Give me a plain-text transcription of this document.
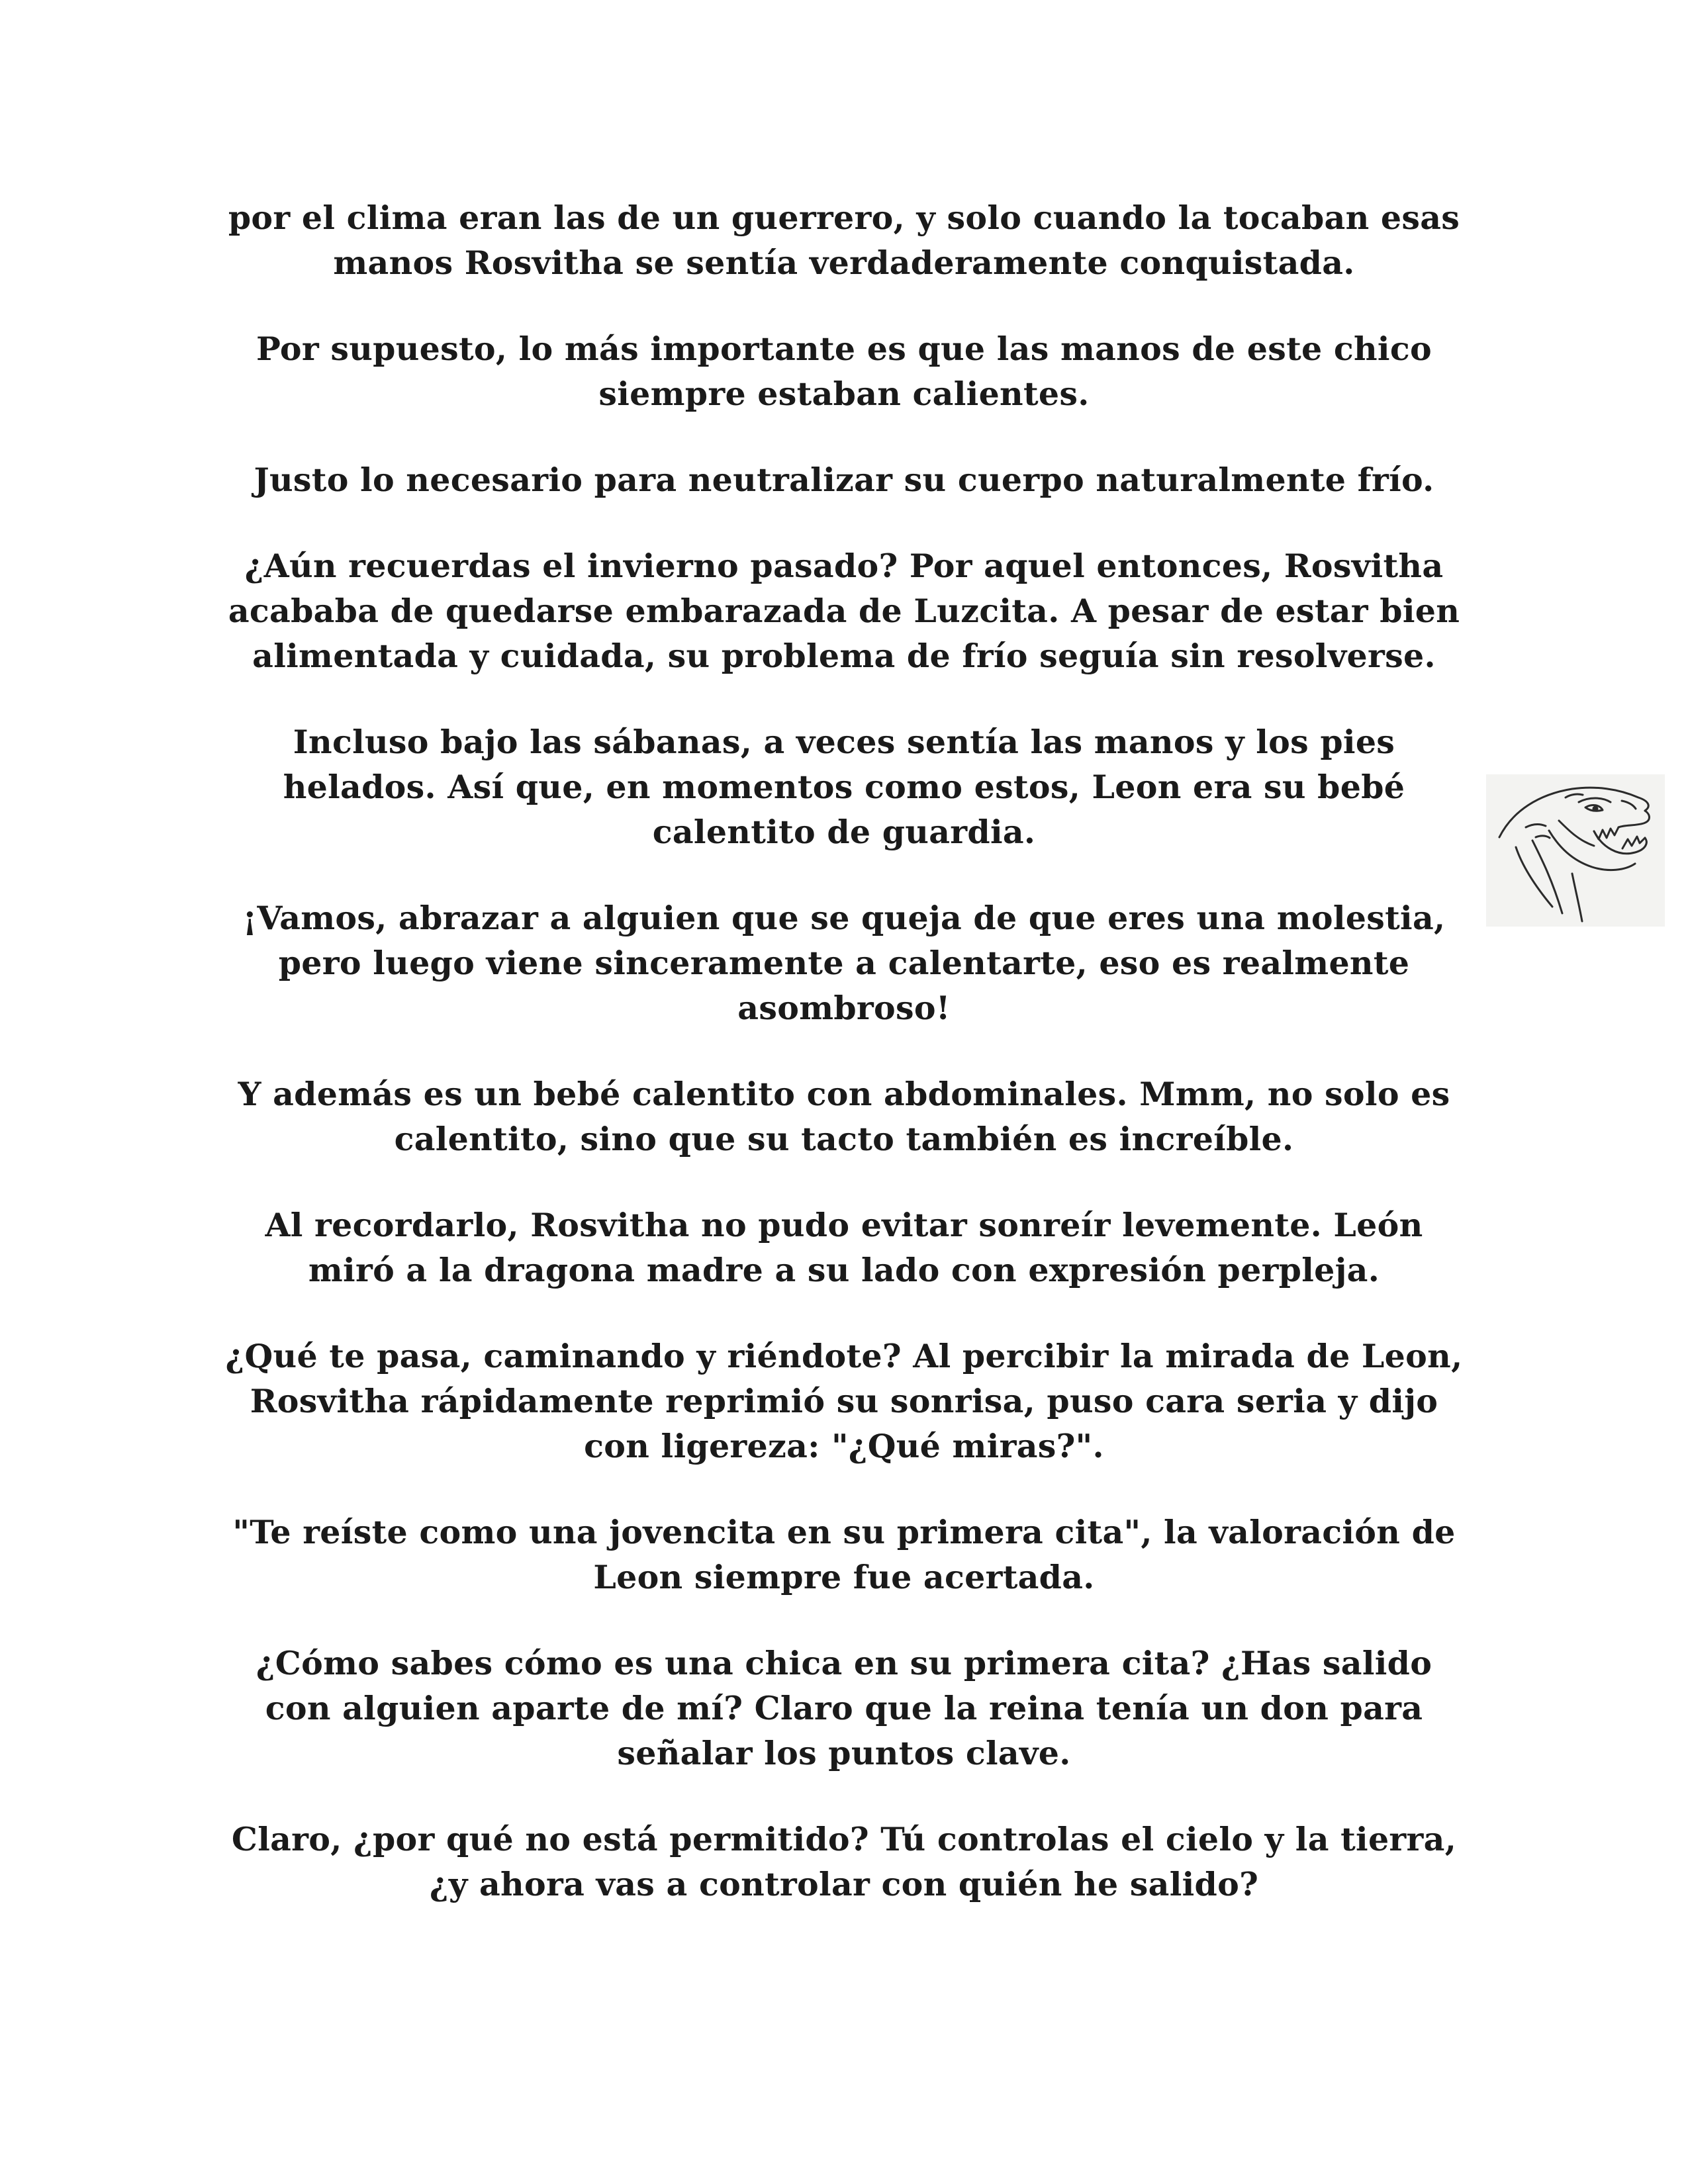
por el clima eran las de un guerrero, y solo cuando la tocaban esas manos Rosvitha se sentía verdaderamente conquistada.

Por supuesto, lo más importante es que las manos de este chico siempre estaban calientes.

Justo lo necesario para neutralizar su cuerpo naturalmente frío.

¿Aún recuerdas el invierno pasado? Por aquel entonces, Rosvitha acababa de quedarse embarazada de Luzcita. A pesar de estar bien alimentada y cuidada, su problema de frío seguía sin resolverse.

Incluso bajo las sábanas, a veces sentía las manos y los pies helados. Así que, en momentos como estos, Leon era su bebé calentito de guardia.

¡Vamos, abrazar a alguien que se queja de que eres una molestia, pero luego viene sinceramente a calentarte, eso es realmente asombroso!

Y además es un bebé calentito con abdominales. Mmm, no solo es calentito, sino que su tacto también es increíble.

Al recordarlo, Rosvitha no pudo evitar sonreír levemente. León miró a la dragona madre a su lado con expresión perpleja.

¿Qué te pasa, caminando y riéndote? Al percibir la mirada de Leon, Rosvitha rápidamente reprimió su sonrisa, puso cara seria y dijo con ligereza: "¿Qué miras?".

"Te reíste como una jovencita en su primera cita", la valoración de Leon siempre fue acertada.

¿Cómo sabes cómo es una chica en su primera cita? ¿Has salido con alguien aparte de mí? Claro que la reina tenía un don para señalar los puntos clave.

Claro, ¿por qué no está permitido? Tú controlas el cielo y la tierra, ¿y ahora vas a controlar con quién he salido?
